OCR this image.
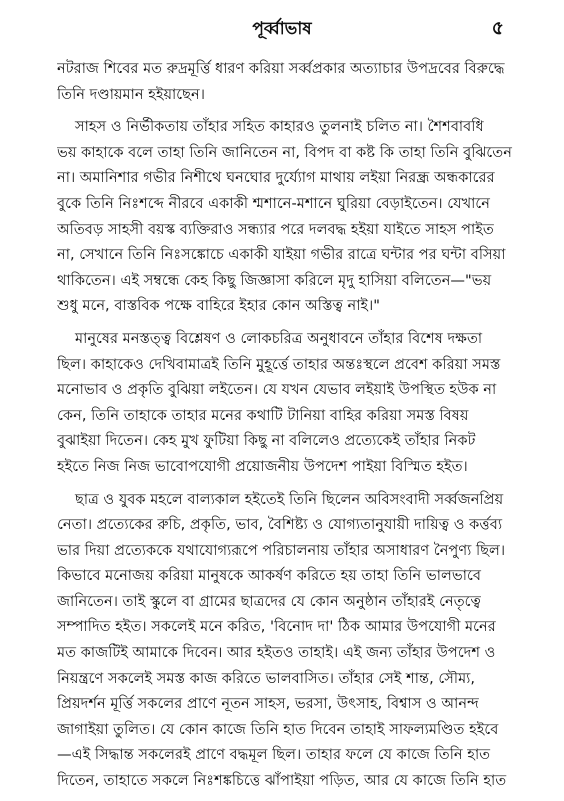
পূর্ব্বাভাষ	৫
নটরাজ শিবের মত রুদ্রমূর্ত্তি ধারণ করিয়া সর্ব্বপ্রকার অত্যাচার উপদ্রবের বিরুদ্ধে
তিনি দণ্ডায়মান হইয়াছেন।
সাহস ও নির্ভীকতায় তাঁহার সহিত কাহারও তুলনাই চলিত না। শৈশবাবধি
ভয় কাহাকে বলে তাহা তিনি জানিতেন না, বিপদ বা কষ্ট কি তাহা তিনি বুঝিতেন
না। অমানিশার গভীর নিশীথে ঘনঘোর দুর্য্যোগ মাথায় লইয়া নিরন্ধ্র অন্ধকারের
বুকে তিনি নিঃশব্দে নীরবে একাকী শ্মশানে-মশানে ঘুরিয়া বেড়াইতেন। যেখানে
অতিবড় সাহসী বয়স্ক ব্যক্তিরাও সন্ধ্যার পরে দলবদ্ধ হইয়া যাইতে সাহস পাইত
না, সেখানে তিনি নিঃসঙ্কোচে একাকী যাইয়া গভীর রাত্রে ঘন্টার পর ঘন্টা বসিয়া
থাকিতেন। এই সম্বন্ধে কেহ কিছু জিজ্ঞাসা করিলে মৃদু হাসিয়া বলিতেন—"ভয়
শুধু মনে, বাস্তবিক পক্ষে বাহিরে ইহার কোন অস্তিত্ব নাই।"
মানুষের মনস্তত্ত্ব বিশ্লেষণ ও লোকচরিত্র অনুধাবনে তাঁহার বিশেষ দক্ষতা
ছিল। কাহাকেও দেখিবামাত্রই তিনি মুহূর্ত্তে তাহার অন্তঃস্থলে প্রবেশ করিয়া সমস্ত
মনোভাব ও প্রকৃতি বুঝিয়া লইতেন। যে যখন যেভাব লইয়াই উপস্থিত হউক না
কেন, তিনি তাহাকে তাহার মনের কথাটি টানিয়া বাহির করিয়া সমস্ত বিষয়
বুঝাইয়া দিতেন। কেহ মুখ ফুটিয়া কিছু না বলিলেও প্রত্যেকেই তাঁহার নিকট
হইতে নিজ নিজ ভাবোপযোগী প্রয়োজনীয় উপদেশ পাইয়া বিস্মিত হইত।
ছাত্র ও যুবক মহলে বাল্যকাল হইতেই তিনি ছিলেন অবিসংবাদী সর্ব্বজনপ্রিয়
নেতা। প্রত্যেকের রুচি, প্রকৃতি, ভাব, বৈশিষ্ট্য ও যোগ্যতানুযায়ী দায়িত্ব ও কর্ত্তব্য
ভার দিয়া প্রত্যেককে যথাযোগ্যরূপে পরিচালনায় তাঁহার অসাধারণ নৈপুণ্য ছিল।
কিভাবে মনোজয় করিয়া মানুষকে আকর্ষণ করিতে হয় তাহা তিনি ভালভাবে
জানিতেন। তাই স্কুলে বা গ্রামের ছাত্রদের যে কোন অনুষ্ঠান তাঁহারই নেতৃত্বে
সম্পাদিত হইত। সকলেই মনে করিত, 'বিনোদ দা' ঠিক আমার উপযোগী মনের
মত কাজটিই আমাকে দিবেন। আর হইতও তাহাই। এই জন্য তাঁহার উপদেশ ও
নিয়ন্ত্রণে সকলেই সমস্ত কাজ করিতে ভালবাসিত। তাঁহার সেই শান্ত, সৌম্য,
প্রিয়দর্শন মূর্ত্তি সকলের প্রাণে নূতন সাহস, ভরসা, উৎসাহ, বিশ্বাস ও আনন্দ
জাগাইয়া তুলিত। যে কোন কাজে তিনি হাত দিবেন তাহাই সাফল্যমণ্ডিত হইবে
—এই সিদ্ধান্ত সকলেরই প্রাণে বদ্ধমূল ছিল। তাহার ফলে যে কাজে তিনি হাত
দিতেন, তাহাতে সকলে নিঃশঙ্কচিত্তে ঝাঁপাইয়া পড়িত, আর যে কাজে তিনি হাত
